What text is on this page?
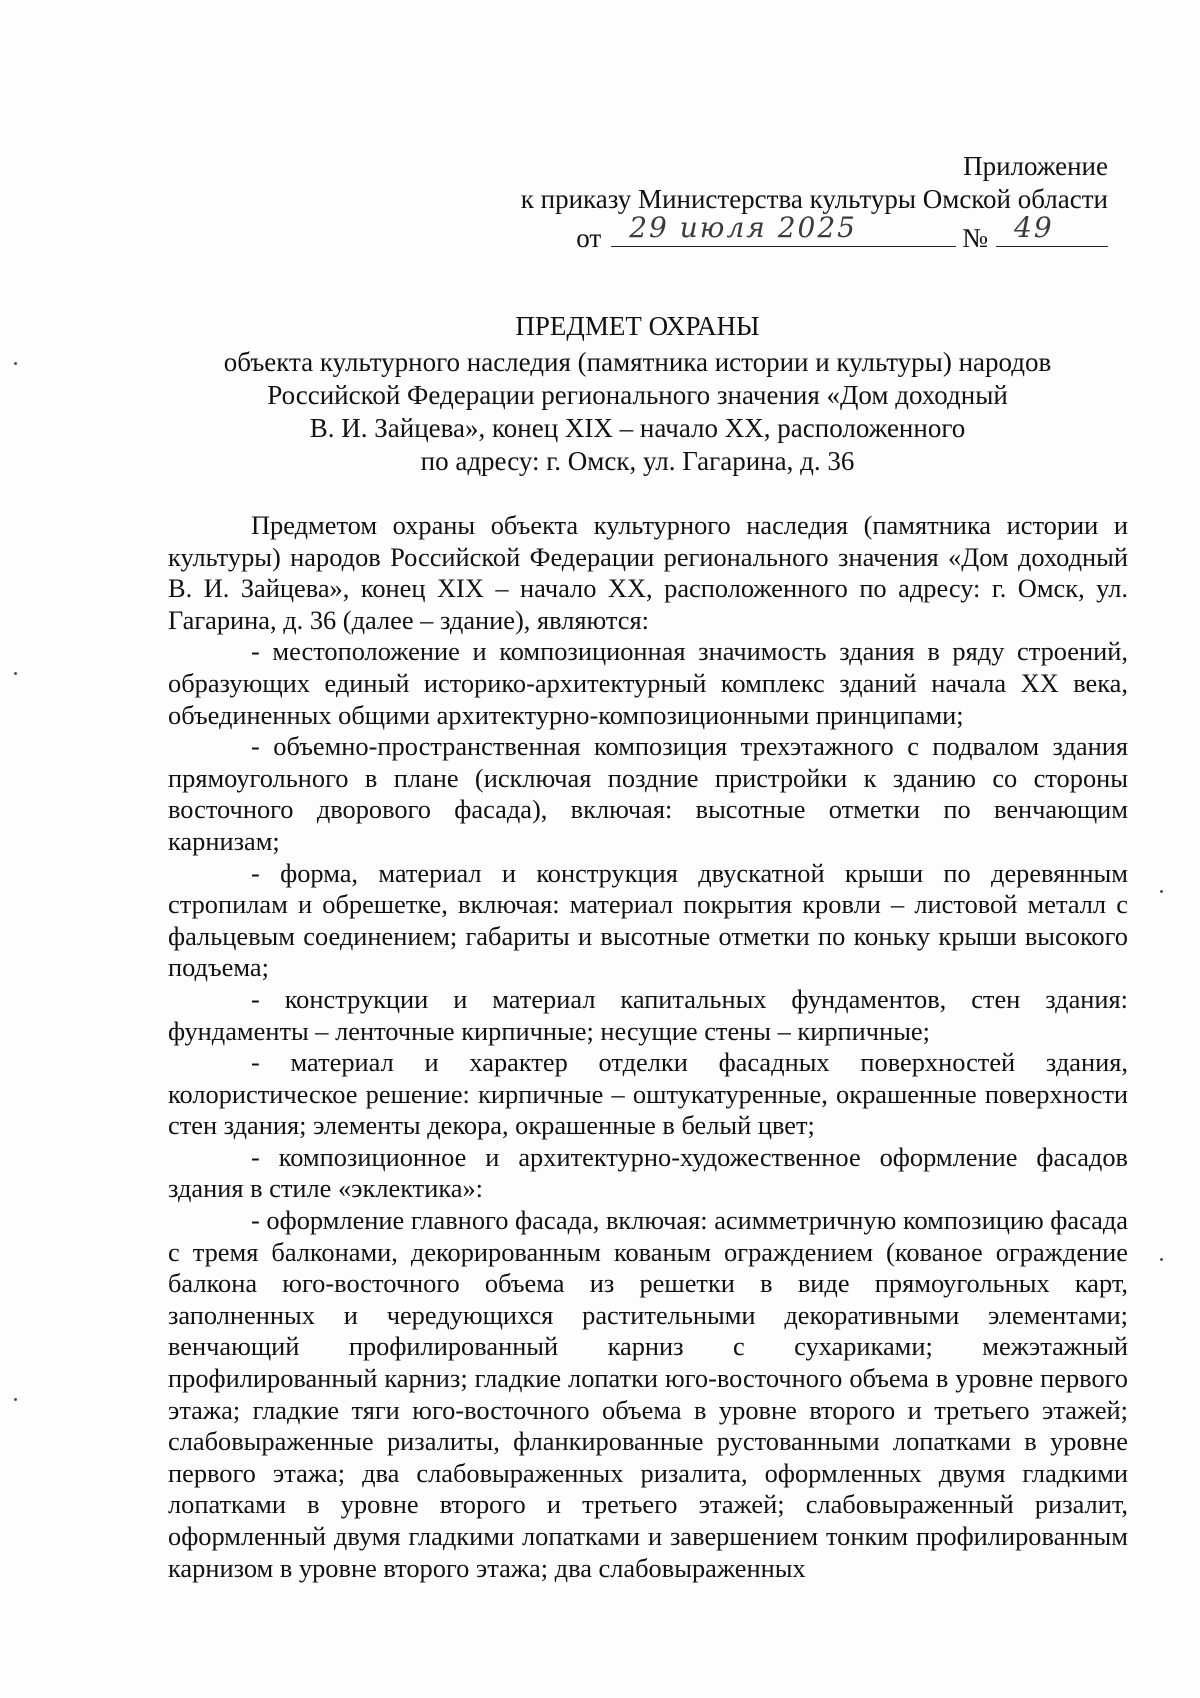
Приложение
к приказу Министерства культуры Омской области
от 29 июля 2025	№ 49
ПРЕДМЕТ ОХРАНЫ
объекта культурного наследия (памятника истории и культуры) народов
Российской Федерации регионального значения «Дом доходный
В. И. Зайцева», конец XIX – начало XX, расположенного
по адресу: г. Омск, ул. Гагарина, д. 36

Предметом охраны объекта культурного наследия (памятника истории и культуры) народов Российской Федерации регионального значения «Дом доходный В. И. Зайцева», конец XIX – начало XX, расположенного по адресу: г. Омск, ул. Гагарина, д. 36 (далее – здание), являются:

- местоположение и композиционная значимость здания в ряду строений, образующих единый историко-архитектурный комплекс зданий начала XX века, объединенных общими архитектурно-композиционными принципами;

- объемно-пространственная композиция трехэтажного с подвалом здания прямоугольного в плане (исключая поздние пристройки к зданию со стороны восточного дворового фасада), включая: высотные отметки по венчающим карнизам;

- форма, материал и конструкция двускатной крыши по деревянным стропилам и обрешетке, включая: материал покрытия кровли – листовой металл с фальцевым соединением; габариты и высотные отметки по коньку крыши высокого подъема;

- конструкции и материал капитальных фундаментов, стен здания: фундаменты – ленточные кирпичные; несущие стены – кирпичные;

- материал и характер отделки фасадных поверхностей здания, колористическое решение: кирпичные – оштукатуренные, окрашенные поверхности стен здания; элементы декора, окрашенные в белый цвет;

- композиционное и архитектурно-художественное оформление фасадов здания в стиле «эклектика»:

- оформление главного фасада, включая: асимметричную композицию фасада с тремя балконами, декорированным кованым ограждением (кованое ограждение балкона юго-восточного объема из решетки в виде прямоугольных карт, заполненных и чередующихся растительными декоративными элементами; венчающий профилированный карниз с сухариками; межэтажный профилированный карниз; гладкие лопатки юго-восточного объема в уровне первого этажа; гладкие тяги юго-восточного объема в уровне второго и третьего этажей; слабовыраженные ризалиты, фланкированные рустованными лопатками в уровне первого этажа; два слабовыраженных ризалита, оформленных двумя гладкими лопатками в уровне второго и третьего этажей; слабовыраженный ризалит, оформленный двумя гладкими лопатками и завершением тонким профилированным карнизом в уровне второго этажа; два слабовыраженных
